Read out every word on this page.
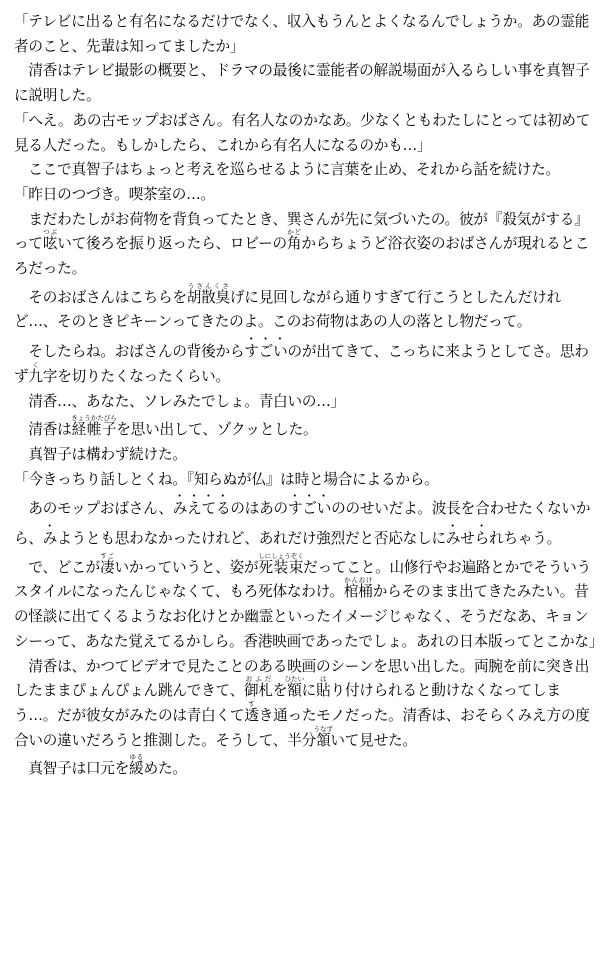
「テレビに出ると有名になるだけでなく、収入もうんとよくなるんでしょうか。あの霊能者のこと、先輩は知ってましたか」

　清香はテレビ撮影の概要と、ドラマの最後に霊能者の解説場面が入るらしい事を真智子に説明した。

「へえ。あの古モップおばさん。有名人なのかなあ。少なくともわたしにとっては初めて見る人だった。もしかしたら、これから有名人になるのかも…」

　ここで真智子はちょっと考えを巡らせるように言葉を止め、それから話を続けた。

「昨日のつづき。喫茶室の…。

　まだわたしがお荷物を背負ってたとき、巽さんが先に気づいたの。彼が『殺気がする』って呟つぶいて後ろを振り返ったら、ロビーの角かどからちょうど浴衣姿のおばさんが現れるところだった。

　そのおばさんはこちらを胡散臭うさんくさげに見回しながら通りすぎて行こうとしたんだけれど…、そのときピキーンってきたのよ。このお荷物はあの人の落とし物だって。

　そしたらね。おばさんの背後からすごいのが出てきて、こっちに来ようとしてさ。思わず九く字を切りたくなったくらい。

　清香…、あなた、ソレみたでしょ。青白いの…」

　清香は経帷子きょうかたびらを思い出して、ゾクッとした。

　真智子は構わず続けた。

「今きっちり話しとくね。『知らぬが仏』は時と場合によるから。

　あのモップおばさん、みえてるのはあのすごいののせいだよ。波長を合わせたくないから、みようとも思わなかったけれど、あれだけ強烈だと否応なしにみせられちゃう。

　で、どこが凄すごいかっていうと、姿が死装束しにしょうぞくだってこと。山修行やお遍路とかでそういうスタイルになったんじゃなくて、もろ死体なわけ。棺桶かんおけからそのまま出てきたみたい。昔の怪談に出てくるようなお化けとか幽霊といったイメージじゃなく、そうだなあ、キョンシーって、あなた覚えてるかしら。香港映画であったでしょ。あれの日本版ってとこかな」

　清香は、かつてビデオで見たことのある映画のシーンを思い出した。両腕を前に突き出したままぴょんぴょん跳んできて、御札おふだを額ひたいに貼はり付けられると動けなくなってしまう…。だが彼女がみたのは青白くて透すき通ったモノだった。清香は、おそらくみえ方の度合いの違いだろうと推測した。そうして、半分頷うなずいて見せた。

　真智子は口元を緩ゆるめた。
